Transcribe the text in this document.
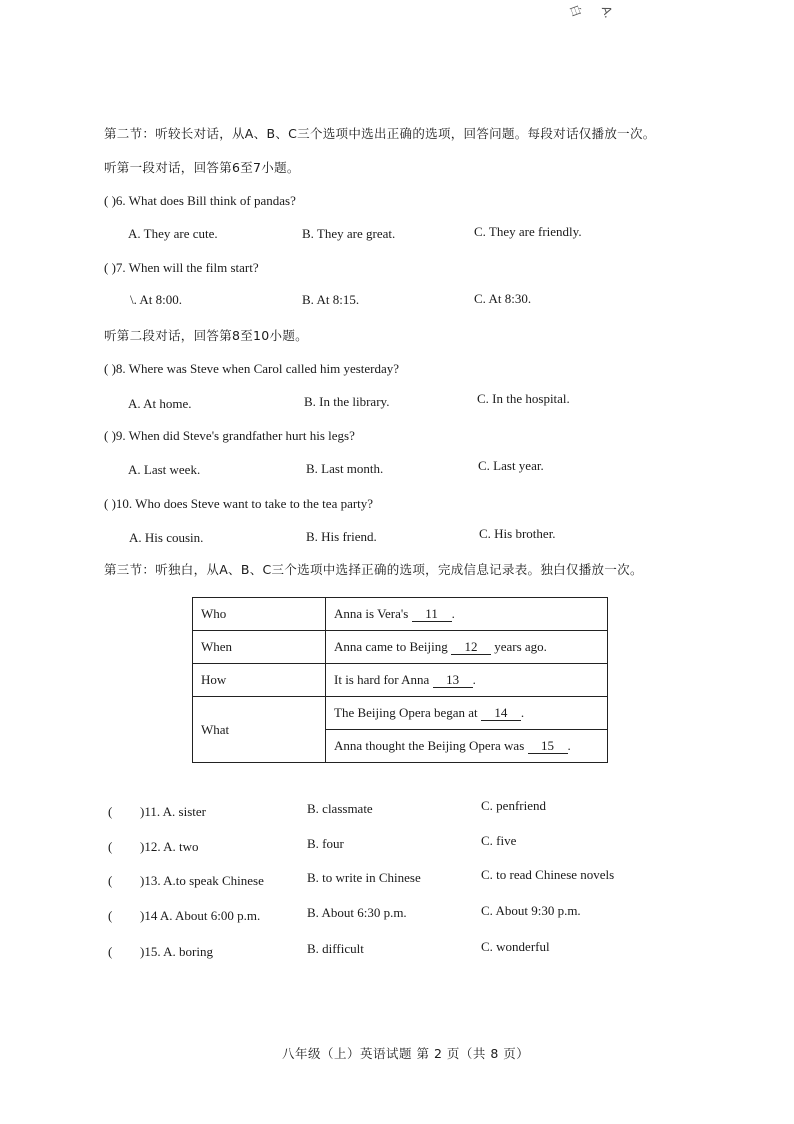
A.
白
第二节：听较长对话，从A、B、C三个选项中选出正确的选项，回答问题。每段对话仅播放一次。
听第一段对话，回答第6至7小题。
( )6. What does Bill think of pandas?
A. They are cute.	B. They are great.	C. They are friendly.
( )7. When will the film start?
\. At 8:00.	B. At 8:15.	C. At 8:30.
听第二段对话，回答第8至10小题。
( )8. Where was Steve when Carol called him yesterday?
A. At home.	B. In the library.	C. In the hospital.
( )9. When did Steve's grandfather hurt his legs?
A. Last week.	B. Last month.	C. Last year.
( )10. Who does Steve want to take to the tea party?
A. His cousin.	B. His friend.	C. His brother.
第三节：听独白，从A、B、C三个选项中选择正确的选项，完成信息记录表。独白仅播放一次。
Who	Anna is Vera's 11 .
When	Anna came to Beijing 12 years ago.
How	It is hard for Anna 13 .
What	The Beijing Opera began at 14 .
	Anna thought the Beijing Opera was 15 .
( )11. A. sister	B. classmate	C. penfriend
( )12. A. two	B. four	C. five
( )13. A.to speak Chinese	B. to write in Chinese	C. to read Chinese novels
( )14 A. About 6:00 p.m.	B. About 6:30 p.m.	C. About 9:30 p.m.
( )15. A. boring	B. difficult	C. wonderful
八年级（上）英语试题 第 2 页（共 8 页）
